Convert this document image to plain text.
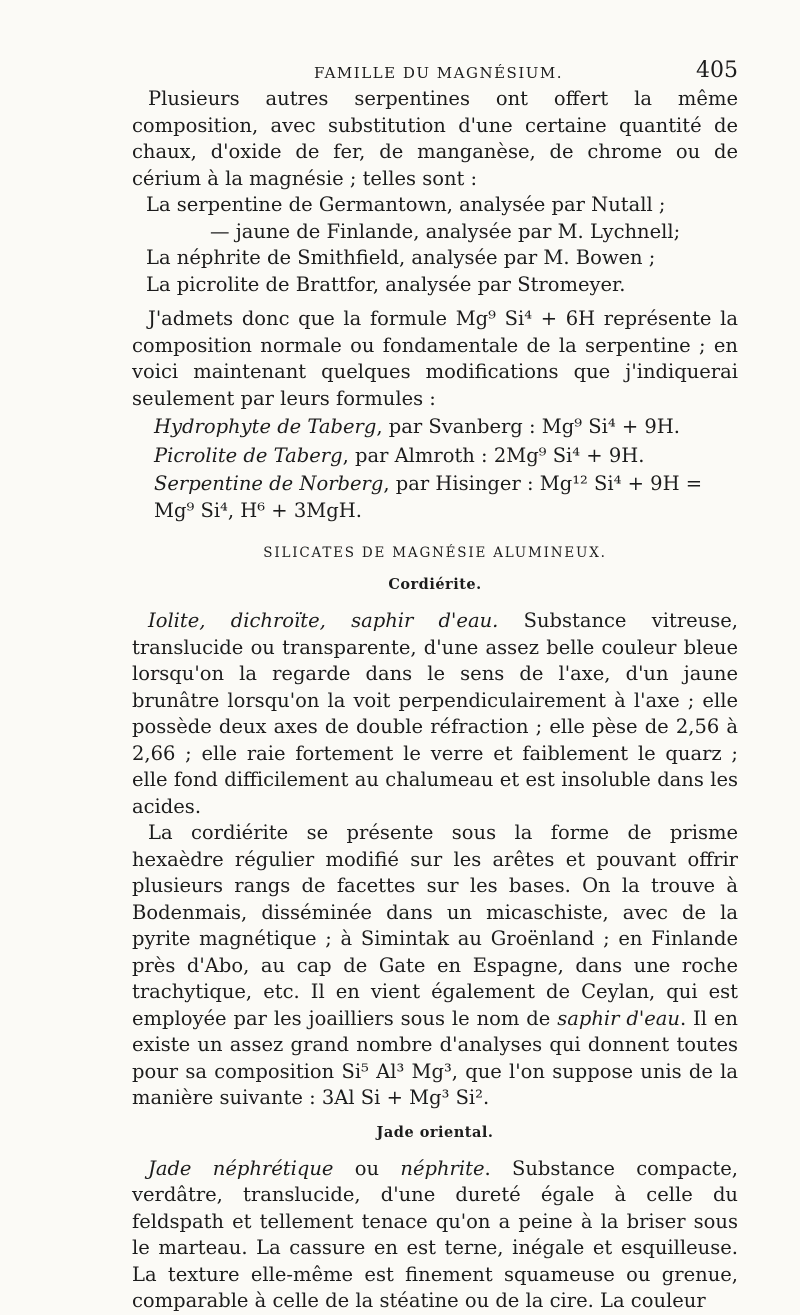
FAMILLE DU MAGNÉSIUM.	405

Plusieurs autres serpentines ont offert la même composition, avec substitution d'une certaine quantité de chaux, d'oxide de fer, de manganèse, de chrome ou de cérium à la magnésie ; telles sont :

La serpentine de Germantown, analysée par Nutall ;
— jaune de Finlande, analysée par M. Lychnell;
La néphrite de Smithfield, analysée par M. Bowen ;
La picrolite de Brattfor, analysée par Stromeyer.

J'admets donc que la formule Mg⁹ Si⁴ + 6H représente la composition normale ou fondamentale de la serpentine ; en voici maintenant quelques modifications que j'indiquerai seulement par leurs formules :

Hydrophyte de Taberg, par Svanberg : Mg⁹ Si⁴ + 9H.
Picrolite de Taberg, par Almroth : 2Mg⁹ Si⁴ + 9H.
Serpentine de Norberg, par Hisinger : Mg¹² Si⁴ + 9H = Mg⁹ Si⁴, H⁶ + 3MgH.
SILICATES DE MAGNÉSIE ALUMINEUX.
Cordiérite.

Iolite, dichroïte, saphir d'eau. Substance vitreuse, translucide ou transparente, d'une assez belle couleur bleue lorsqu'on la regarde dans le sens de l'axe, d'un jaune brunâtre lorsqu'on la voit perpendiculairement à l'axe ; elle possède deux axes de double réfraction ; elle pèse de 2,56 à 2,66 ; elle raie fortement le verre et faiblement le quarz ; elle fond difficilement au chalumeau et est insoluble dans les acides.

La cordiérite se présente sous la forme de prisme hexaèdre régulier modifié sur les arêtes et pouvant offrir plusieurs rangs de facettes sur les bases. On la trouve à Bodenmais, disséminée dans un micaschiste, avec de la pyrite magnétique ; à Simintak au Groënland ; en Finlande près d'Abo, au cap de Gate en Espagne, dans une roche trachytique, etc. Il en vient également de Ceylan, qui est employée par les joailliers sous le nom de saphir d'eau. Il en existe un assez grand nombre d'analyses qui donnent toutes pour sa composition Si⁵ Al³ Mg³, que l'on suppose unis de la manière suivante : 3Al Si + Mg³ Si².

Jade oriental.

Jade néphrétique ou néphrite. Substance compacte, verdâtre, translucide, d'une dureté égale à celle du feldspath et tellement tenace qu'on a peine à la briser sous le marteau. La cassure en est terne, inégale et esquilleuse. La texture elle-même est finement squameuse ou grenue, comparable à celle de la stéatine ou de la cire. La couleur
